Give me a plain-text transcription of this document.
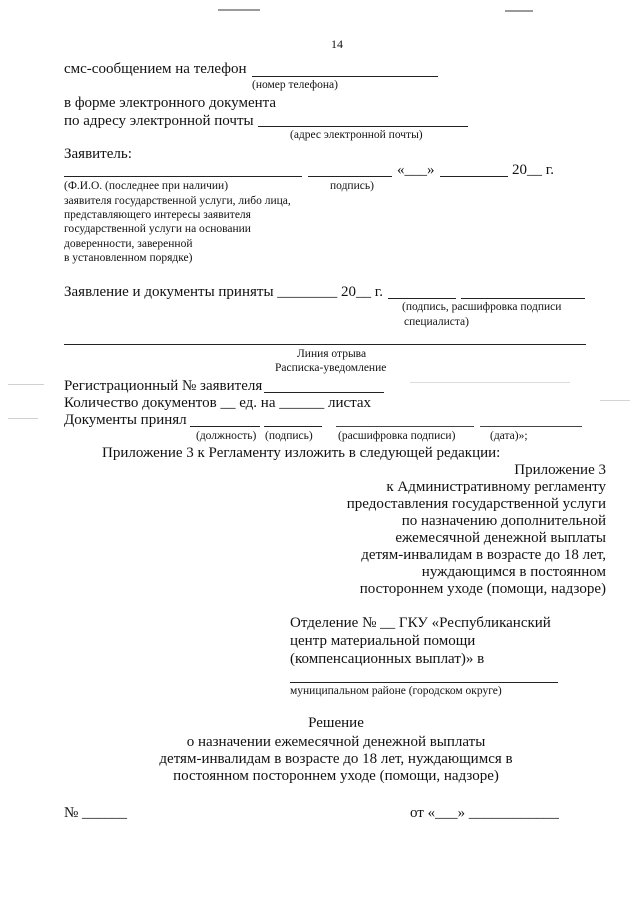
14
смс-сообщением на телефон
(номер телефона)
в форме электронного документа
по адресу электронной почты
(адрес электронной почты)
Заявитель:
«___»	20__ г.
(Ф.И.О. (последнее при наличии)	подпись)
заявителя государственной услуги, либо лица,
представляющего интересы заявителя
государственной услуги на основании
доверенности, заверенной
в установленном порядке)
Заявление и документы приняты ________ 20__ г.
(подпись, расшифровка подписи
специалиста)
Линия отрыва
Расписка-уведомление
Регистрационный № заявителя
Количество документов __ ед. на ______ листах
Документы принял
(должность) (подпись) (расшифровка подписи)	(дата)»;
Приложение 3 к Регламенту изложить в следующей редакции:
Приложение 3
к Административному регламенту
предоставления государственной услуги
по назначению дополнительной
ежемесячной денежной выплаты
детям-инвалидам в возрасте до 18 лет,
нуждающимся в постоянном
постороннем уходе (помощи, надзоре)
Отделение № __ ГКУ «Республиканский
центр материальной помощи
(компенсационных выплат)» в
муниципальном районе (городском округе)
Решение
о назначении ежемесячной денежной выплаты
детям-инвалидам в возрасте до 18 лет, нуждающимся в
постоянном постороннем уходе (помощи, надзоре)
№ ______	от «___» ____________
